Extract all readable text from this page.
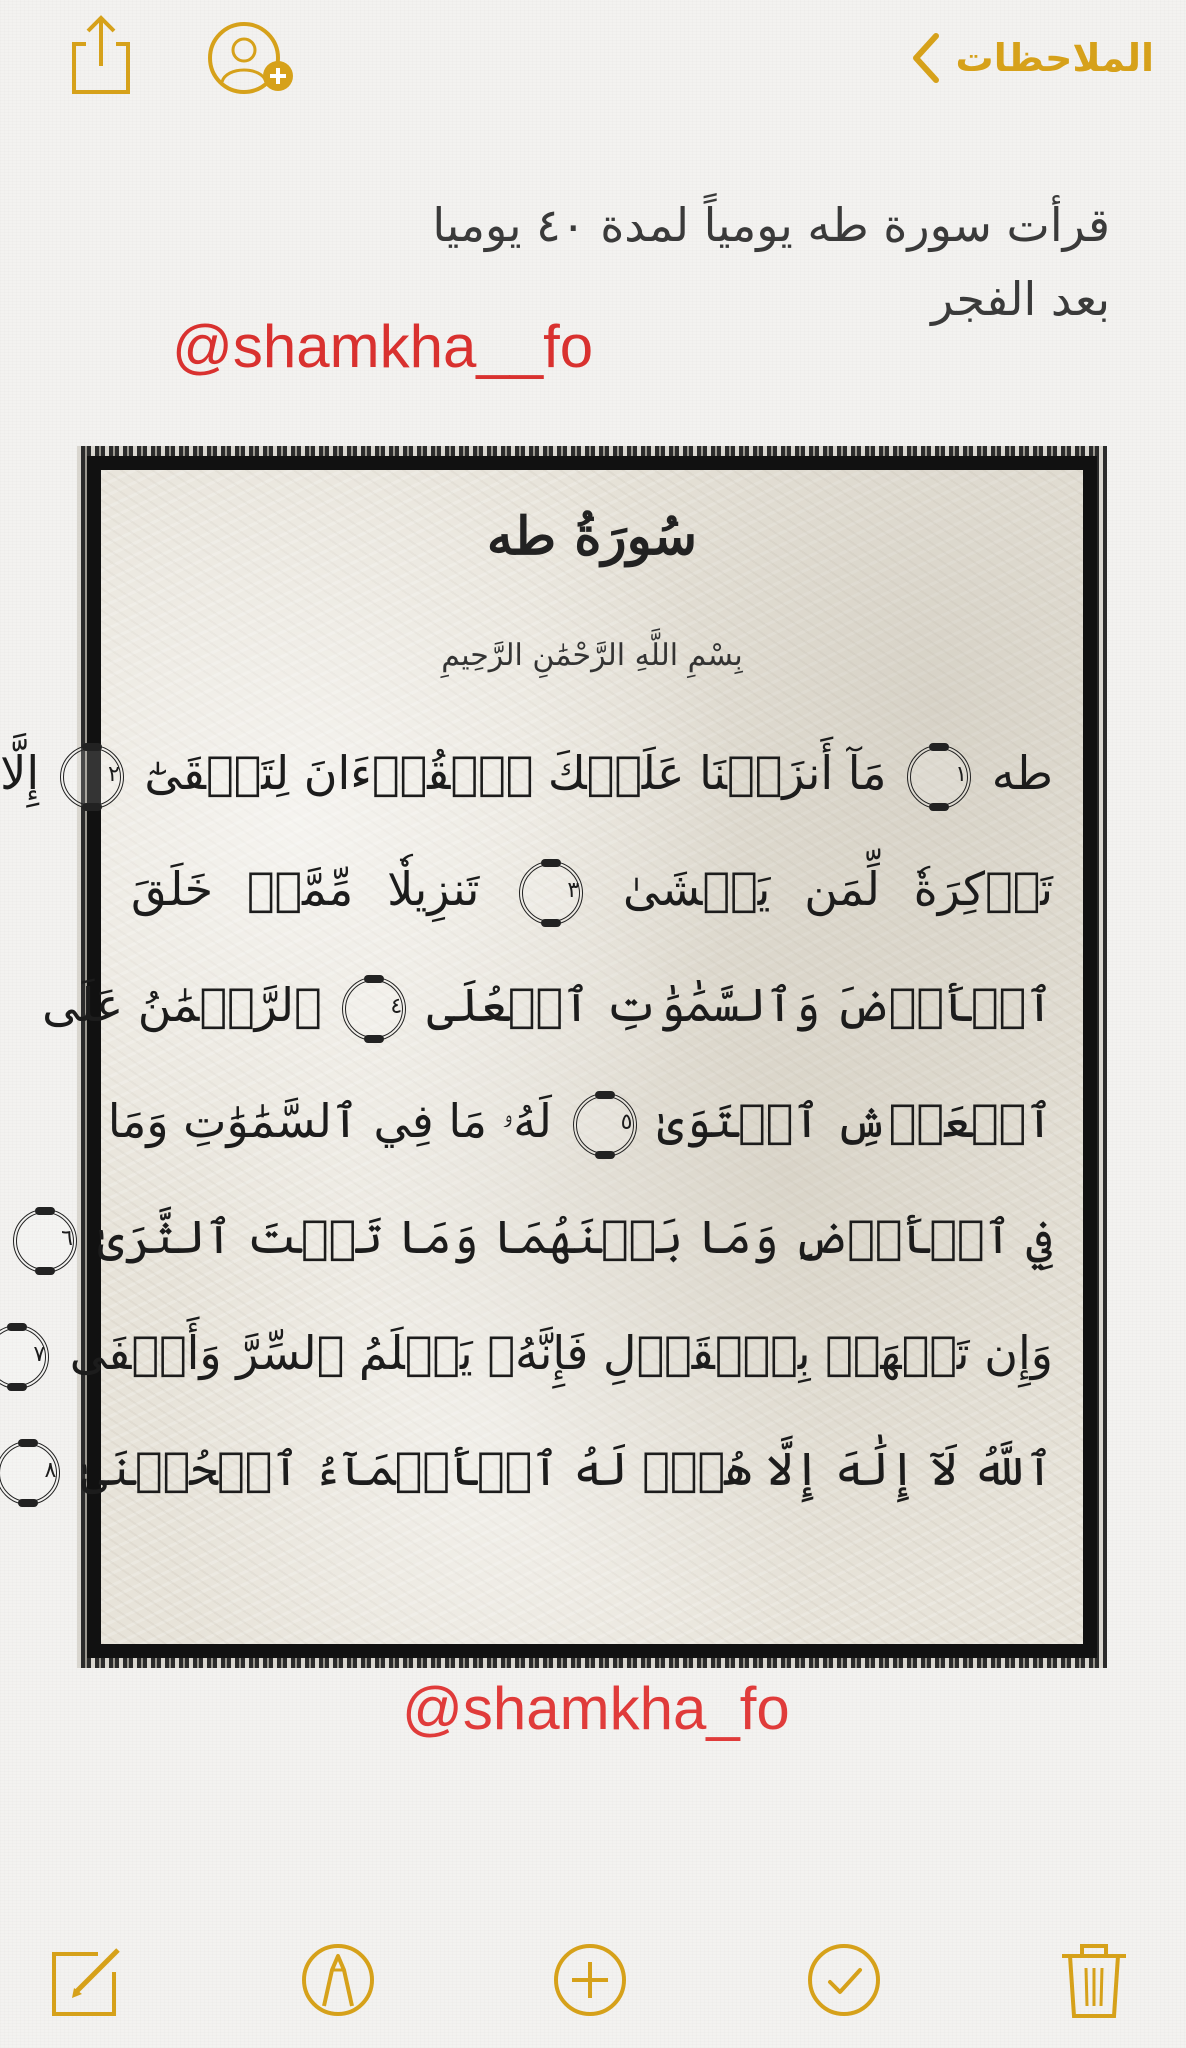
الملاحظات
قرأت سورة طه يومياً لمدة ٤٠ يوميا
بعد الفجر
@shamkha__fo
سُورَةُ طه
بِسْمِ اللَّهِ الرَّحْمَٰنِ الرَّحِيمِ
طه ١ مَآ أَنزَلۡنَا عَلَيۡكَ ٱلۡقُرۡءَانَ لِتَشۡقَىٰٓ ٢ إِلَّا
تَذۡكِرَةٗ لِّمَن يَخۡشَىٰ ٣ تَنزِيلٗا مِّمَّنۡ خَلَقَ
ٱلۡأَرۡضَ وَٱلسَّمَٰوَٰتِ ٱلۡعُلَى ٤ ٱلرَّحۡمَٰنُ عَلَى
ٱلۡعَرۡشِ ٱسۡتَوَىٰ ٥ لَهُۥ مَا فِي ٱلسَّمَٰوَٰتِ وَمَا
فِي ٱلۡأَرۡضِ وَمَا بَيۡنَهُمَا وَمَا تَحۡتَ ٱلثَّرَىٰ ٦
وَإِن تَجۡهَرۡ بِٱلۡقَوۡلِ فَإِنَّهُۥ يَعۡلَمُ ٱلسِّرَّ وَأَخۡفَى ٧
ٱللَّهُ لَآ إِلَٰهَ إِلَّا هُوَۖ لَهُ ٱلۡأَسۡمَآءُ ٱلۡحُسۡنَىٰ ٨
@shamkha_fo
